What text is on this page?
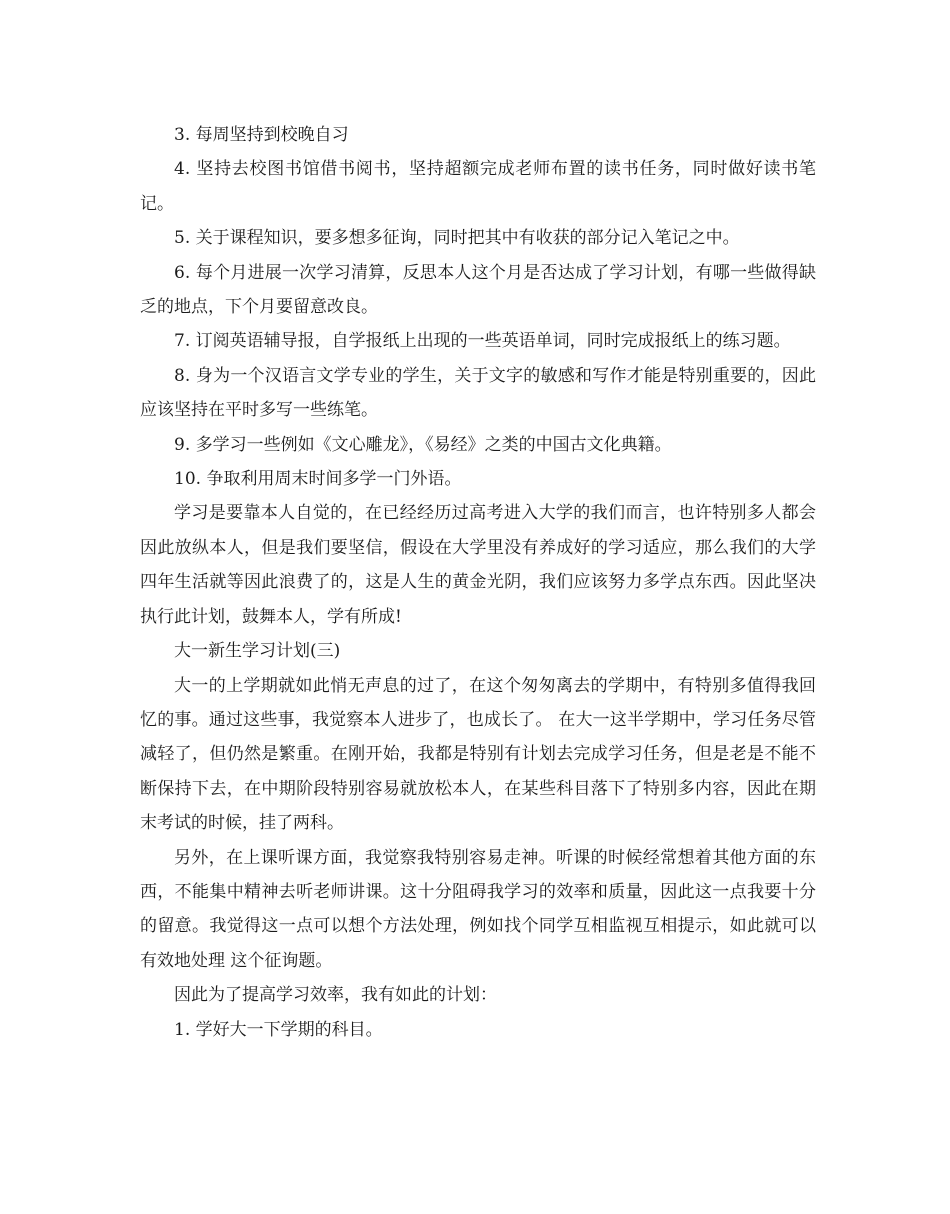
3. 每周坚持到校晚自习

4. 坚持去校图书馆借书阅书，坚持超额完成老师布置的读书任务，同时做好读书笔记。

5. 关于课程知识，要多想多征询，同时把其中有收获的部分记入笔记之中。

6. 每个月进展一次学习清算，反思本人这个月是否达成了学习计划，有哪一些做得缺乏的地点，下个月要留意改良。

7. 订阅英语辅导报，自学报纸上出现的一些英语单词，同时完成报纸上的练习题。

8. 身为一个汉语言文学专业的学生，关于文字的敏感和写作才能是特别重要的，因此应该坚持在平时多写一些练笔。

9. 多学习一些例如《文心雕龙》，《易经》之类的中国古文化典籍。

10. 争取利用周末时间多学一门外语。

学习是要靠本人自觉的，在已经经历过高考进入大学的我们而言，也许特别多人都会因此放纵本人，但是我们要坚信，假设在大学里没有养成好的学习适应，那么我们的大学四年生活就等因此浪费了的，这是人生的黄金光阴，我们应该努力多学点东西。因此坚决执行此计划，鼓舞本人，学有所成!

大一新生学习计划(三)

大一的上学期就如此悄无声息的过了，在这个匆匆离去的学期中，有特别多值得我回忆的事。通过这些事，我觉察本人进步了，也成长了。 在大一这半学期中，学习任务尽管减轻了，但仍然是繁重。在刚开始，我都是特别有计划去完成学习任务，但是老是不能不断保持下去，在中期阶段特别容易就放松本人，在某些科目落下了特别多内容，因此在期末考试的时候，挂了两科。

另外，在上课听课方面，我觉察我特别容易走神。听课的时候经常想着其他方面的东西，不能集中精神去听老师讲课。这十分阻碍我学习的效率和质量，因此这一点我要十分的留意。我觉得这一点可以想个方法处理，例如找个同学互相监视互相提示，如此就可以有效地处理 这个征询题。

因此为了提高学习效率，我有如此的计划：

1. 学好大一下学期的科目。
